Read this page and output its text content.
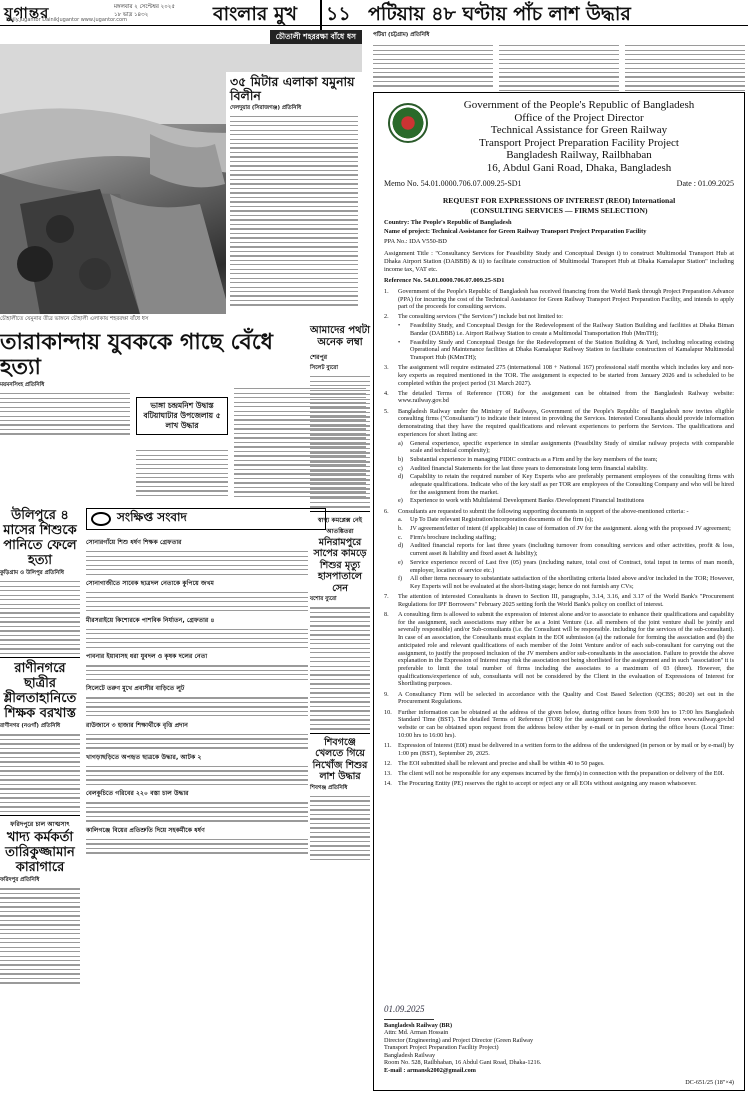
যুগান্তর
Daily.Jugantor DainikJugantor www.jugantor.com
মঙ্গলবার ২ সেপ্টেম্বর ২০২৫
১৮ ভাদ্র ১৪৩২	বাংলার মুখ	১১ পটিয়ায় ৪৮ ঘণ্টায় পাঁচ লাশ উদ্ধার
চৌতালী শহররক্ষা বাঁধে ধস
৩৫ মিটার এলাকা যমুনায় বিলীন
দেলদুয়ার (সিরাজগঞ্জ) প্রতিনিধি
চৌহালীতে যেমুনার তীব্র ভাঙ্গনে চৌহালী এলাকায় শহররক্ষা বাঁধে ধস
তারাকান্দায় যুবককে গাছে বেঁধে হত্যা
ময়মনসিংহ প্রতিনিধি
ভাঙ্গা চন্দ্রমনিশ উদ্বাস্ত বটিয়াঘাটার উপজেলায় ৫ লাখ উদ্ধার
উলিপুরে ৪ মাসের শিশুকে পানিতে ফেলে হত্যা
কুড়িগ্রাম ও উলিপুর প্রতিনিধি
রাণীনগরে ছাত্রীর শ্লীলতাহানিতে শিক্ষক বরখাস্ত
রাণীনগর (নওগাঁ) প্রতিনিধি
ফরিদপুরে চাল আত্মসাৎ
খাদ্য কর্মকর্তা তারিকুজ্জামান কারাগারে
ফরিদপুর প্রতিনিধি
সংক্ষিপ্ত সংবাদ
সোনারগাঁয়ে শিশু ধর্ষণ শিক্ষক গ্রেফতার
সোনাগাজীতে সাবেক ছাত্রদল নেতাকে কুপিয়ে জখম
মীরসরাইয়ে কিশোরকে পাশবিক নির্যাতন, গ্রেফতার ৪
পাবনার ইয়াবাসহ ধরা যুবদল ও কৃষক দলের নেতা
সিলেটে তরুণ মুখে প্রবাসীর বাড়িতে লুট
রাউজানে ৩ হাজার শিক্ষার্থীকে বৃত্তি প্রদান
খাগড়াছড়িতে অপহৃত ছাত্রকে উদ্ধার, আটক ২
বেলকুচিতে গরিবের ২২০ বস্তা চাল উদ্ধার
কালিগঞ্জে বিয়ের প্রতিশ্রুতি দিয়ে সহকর্মীকে ধর্ষণ
আমাদের পথটা অনেক লম্বা
শেরপুর
সিলেট ব্যুরো
স্বাস্থ্য কমপ্লেক্স নেই আতঙ্কিতরা
মনিরামপুরে সাপের কামড়ে শিশুর মৃত্যু হাসপাতালে সেন
যশোর ব্যুরো
শিবগঞ্জে খেলতে গিয়ে নিখোঁজ শিশুর লাশ উদ্ধার
শিবগঞ্জ প্রতিনিধি
পটিয়া (চট্টগ্রাম) প্রতিনিধি
Government of the People's Republic of Bangladesh
Office of the Project Director
Technical Assistance for Green Railway
Transport Project Preparation Facility Project
Bangladesh Railway, Railbhaban
16, Abdul Gani Road, Dhaka, Bangladesh
Memo No. 54.01.0000.706.07.009.25-SD1	Date : 01.09.2025
REQUEST FOR EXPRESSIONS OF INTEREST (REOI) International
(CONSULTING SERVICES — FIRMS SELECTION)
Country: The People's Republic of Bangladesh
Name of project: Technical Assistance for Green Railway Transport Project Preparation Facility
PPA No.: IDA V550-BD
Assignment Title : "Consultancy Services for Feasibility Study and Conceptual Design i) to construct Multimodal Transport Hub at Dhaka Airport Station (DABBB) & ii) to facilitate construction of Multimodal Transport Hub at Dhaka Kamalapur Station" including income tax, VAT etc.
Reference No. 54.01.0000.706.07.009.25-SD1
1.	Government of the People's Republic of Bangladesh has received financing from the World Bank through Project Preparation Advance (PPA) for incurring the cost of the Technical Assistance for Green Railway Transport Project Preparation Facility, and intends to apply part of the proceeds for consulting services.
2.	The consulting services ("the Services") include but not limited to:
•	Feasibility Study, and Conceptual Design for the Redevelopment of the Railway Station Building and facilities at Dhaka Biman Bandar (DABBB) i.e. Airport Railway Station to create a Multimodal Transportation Hub (MmTH);
•	Feasibility Study and Conceptual Design for the Redevelopment of the Station Building & Yard, including relocating existing Operational and Maintenance facilities at Dhaka Kamalapur Railway Station to facilitate construction of Kamalapur Multimodal Transport Hub (KMmTH);
3.	The assignment will require estimated 275 (international 108 + National 167) professional staff months which includes key and non-key experts as required mentioned in the TOR. The assignment is expected to be started from January 2026 and is scheduled to be completed within the project period (31 March 2027).
4.	The detailed Terms of Reference (TOR) for the assignment can be obtained from the Bangladesh Railway website: www.railway.gov.bd
5.	Bangladesh Railway under the Ministry of Railways, Government of the People's Republic of Bangladesh now invites eligible consulting firms ("Consultants") to indicate their interest in providing the Services. Interested Consultants should provide information demonstrating that they have the required qualifications and relevant experiences to perform the Services. The qualifications and experiences for short listing are:
a)	General experience, specific experience in similar assignments (Feasibility Study of similar railway projects with comparable scale and technical complexity);
b)	Substantial experience in managing FIDIC contracts as a Firm and by the key members of the team;
c)	Audited financial Statements for the last three years to demonstrate long term financial stability.
d)	Capability to retain the required number of Key Experts who are preferably permanent employees of the consulting firms with adequate qualifications. Indicate who of the key staff as per TOR are employees of the Consulting Company and who will be hired for the assignment from the market.
e)	Experience to work with Multilateral Development Banks /Development Financial Institutions
6.	Consultants are requested to submit the following supporting documents in support of the above-mentioned criteria: -
a.	Up To Date relevant Registration/incorporation documents of the firm (s);
b.	JV agreement/letter of intent (if applicable) in case of formation of JV for the assignment. along with the proposed JV agreement;
c.	Firm's brochure including staffing;
d)	Audited financial reports for last three years (including turnover from consulting services and other activities, profit & loss, current asset & liability and fixed asset & liability);
e)	Service experience record of Last five (05) years (including nature, total cost of Contract, total input in terms of man month, employer, location of service etc.)
f)	All other items necessary to substantiate satisfaction of the shortlisting criteria listed above and/or included in the TOR; However, Key Experts will not be evaluated at the short-listing stage; hence do not furnish any CVs;
7.	The attention of interested Consultants is drawn to Section III, paragraphs, 3.14, 3.16, and 3.17 of the World Bank's "Procurement Regulations for IPF Borrowers" February 2025 setting forth the World Bank's policy on conflict of interest.
8.	A consulting firm is allowed to submit the expression of interest alone and/or to associate to enhance their qualifications and capability for the assignment, such associations may either be as a Joint Venture (i.e. all members of the joint venture shall be jointly and severally responsible) and/or Sub-consultants (i.e. the Consultant will be responsible. including for the services of the sub-consultant). In case of an association, the Consultants must explain in the EOI submission (a) the rationale for forming the association and (b) the anticipated role and relevant qualifications of each member of the Joint Venture and/or of each sub-consultant for carrying out the assignment, to justify the proposed inclusion of the JV members and/or sub-consultants in the association. Failure to provide the above explanation in the Expression of Interest may risk the association not being shortlisted for the assignment and in such "association" it is preferable to limit the total number of firms including the associates to a maximum of 03 (three). However, the qualifications/experience of sub, consultants will not be considered by the Client in the evaluation of Expressions of Interest for Shortlisting purposes.
9.	A Consultancy Firm will be selected in accordance with the Quality and Cost Based Selection (QCBS; 80:20) set out in the Procurement Regulations.
10.	Further information can be obtained at the address of the given below, during office hours from 9:00 hrs to 17:00 hrs Bangladesh Standard Time (BST). The detailed Terms of Reference (TOR) for the assignment can be downloaded from www.railway.gov.bd website or can be obtained upon request from the address below either by e-mail or in person during the office hours (Local Time: 10:00 hrs to 16:00 hrs).
11.	Expression of Interest (E0I) must be delivered in a written form to the address of the undersigned (in person or by mail or by e-mail) by 1:00 pm (BST), September 29, 2025.
12.	The EOI submitted shall be relevant and precise and shall be within 40 to 50 pages.
13.	The client will not be responsible for any expenses incurred by the firm(s) in connection with the preparation or delivery of the E0I.
14.	The Procuring Entity (PE) reserves the right to accept or reject any or all EOIs without assigning any reason whatsoever.
01.09.2025
Bangladesh Railway (BR)
Attn: Md. Arman Hossain
Director (Engineering) and Project Director (Green Railway
Transport Project Preparation Facility Project)
Bangladesh Railway
Room No. 528, Railbhaban, 16 Abdul Gani Road, Dhaka-1216.
E-mail : armansk2002@gmail.com
DC-651/25 (18"×4)
